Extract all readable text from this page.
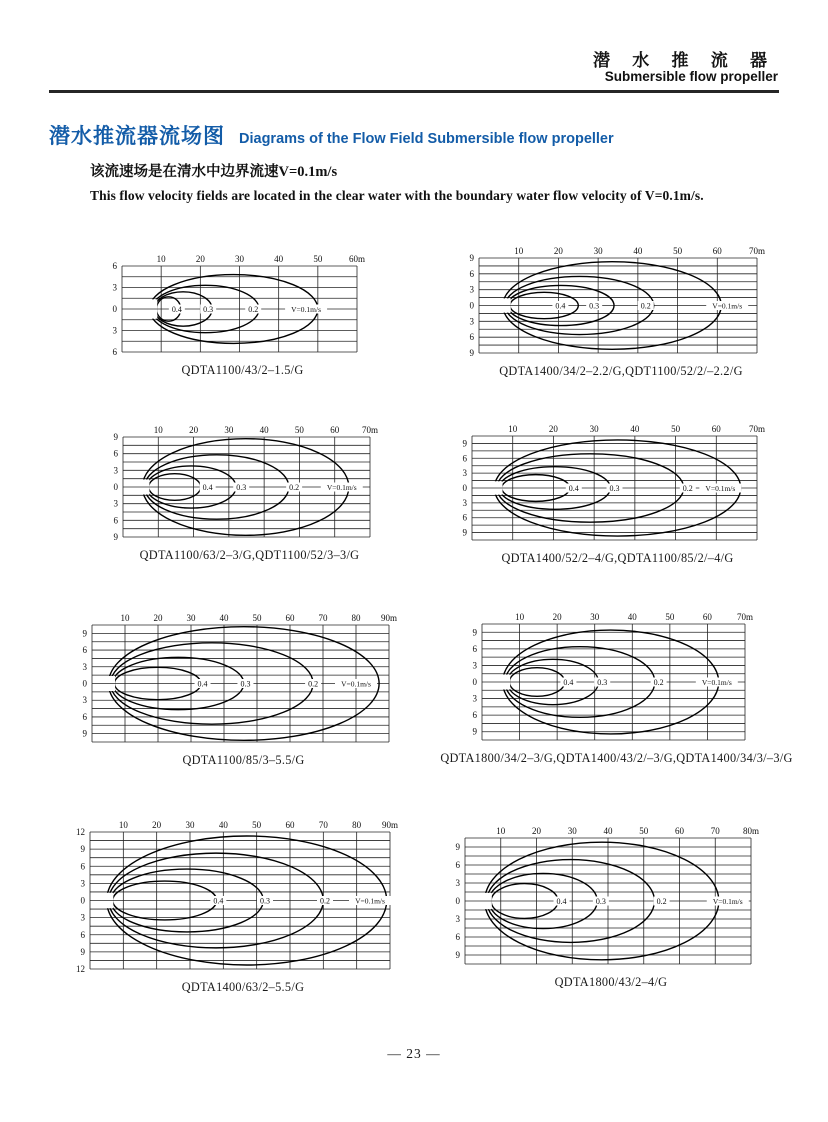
潜 水 推 流 器
Submersible flow propeller
潜水推流器流场图 Diagrams of the Flow Field Submersible flow propeller
该流速场是在清水中边界流速V=0.1m/s
This flow velocity fields are located in the clear water with the boundary water flow velocity of V=0.1m/s.
10	20	30	40	50	60m
6
3
0
3
6
0.4	0.3	0.2	V=0.1m/s
QDTA1100/43/2–1.5/G
10	20	30	40	50	60	70m
9
6
3
0
3
6
9
0.4	0.3	0.2	V=0.1m/s
QDTA1400/34/2–2.2/G,QDT1100/52/2/–2.2/G
10	20	30	40	50	60	70m
9
6
3
0
3
6
9
0.4	0.3	0.2	V=0.1m/s
QDTA1100/63/2–3/G,QDT1100/52/3–3/G
10	20	30	40	50	60	70m
9
6
3
0
3
6
9
0.4	0.3	0.2 V=0.1m/s
QDTA1400/52/2–4/G,QDTA1100/85/2/–4/G
10	20	30	40	50	60	70	80 90m
9
6
3
0
3
6
9
0.4	0.3	0.2	V=0.1m/s
QDTA1100/85/3–5.5/G
10	20	30	40	50	60	70m
9
6
3
0
3
6
9
0.4	0.3	0.2	V=0.1m/s
QDTA1800/34/2–3/G,QDTA1400/43/2/–3/G,QDTA1400/34/3/–3/G
10	20	30	40	50	60	70	80 90m
12
9
6
3
0
3
6
9
12
0.4	0.3	0.2	V=0.1m/s
QDTA1400/63/2–5.5/G
10	20	30	40	50	60	70	80m
9
6
3
0
3
6
9
0.4	0.3	0.2	V=0.1m/s
QDTA1800/43/2–4/G
— 23 —
